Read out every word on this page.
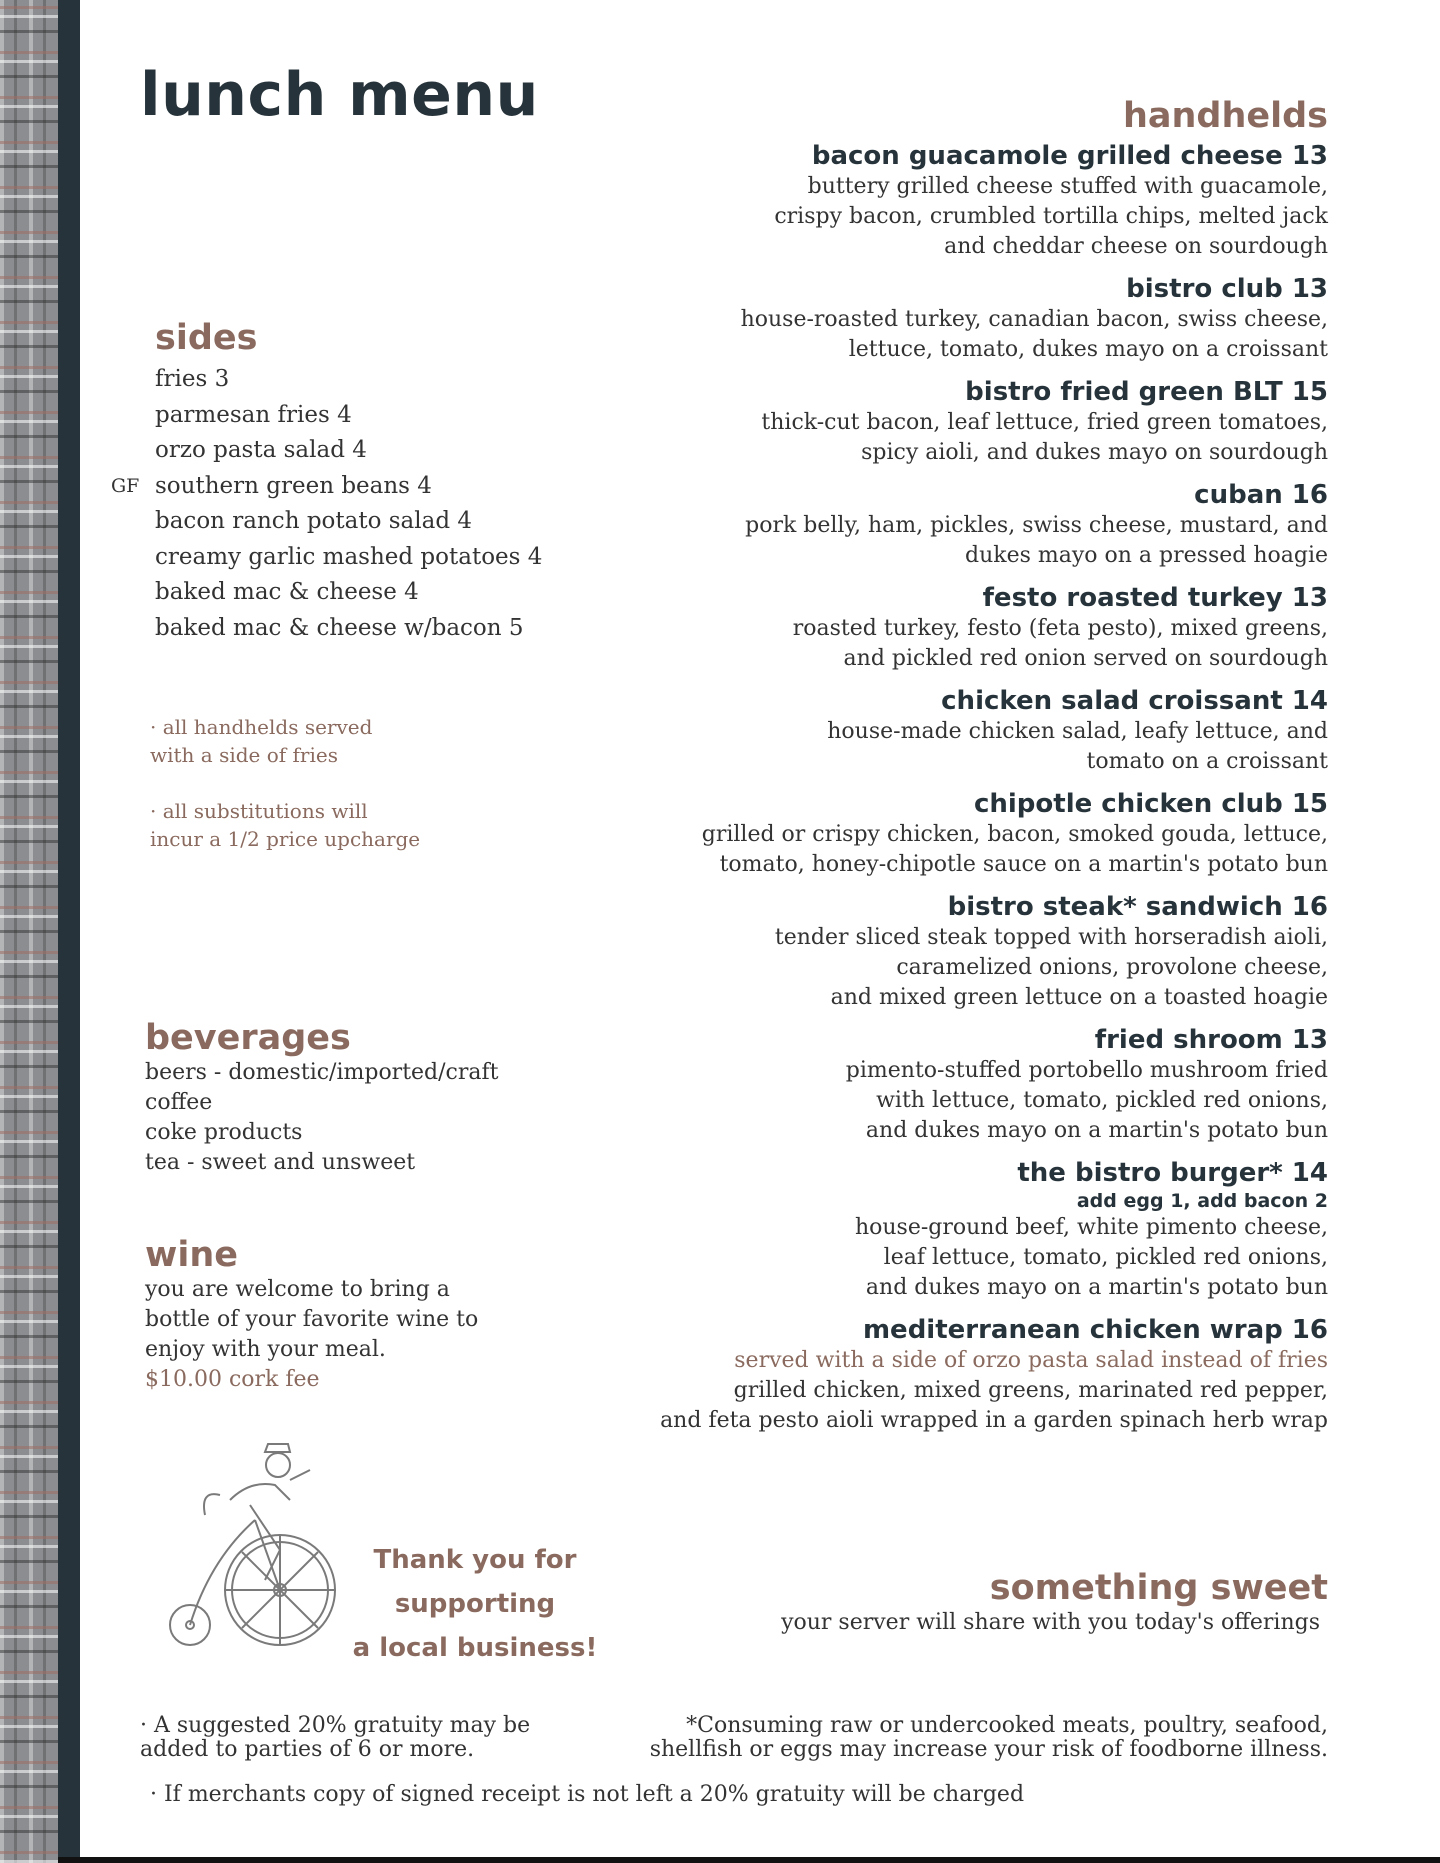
lunch menu
GF
sides
fries 3
parmesan fries 4
orzo pasta salad 4
southern green beans 4
bacon ranch potato salad 4
creamy garlic mashed potatoes 4
baked mac & cheese 4
baked mac & cheese w/bacon 5

· all handhelds served
with a side of fries

· all substitutions will
incur a 1/2 price upcharge

beverages
beers - domestic/imported/craft
coffee
coke products
tea - sweet and unsweet
wine
you are welcome to bring a
bottle of your favorite wine to
enjoy with your meal.
$10.00 cork fee
Thank you for
supporting
a local business!
handhelds
bacon guacamole grilled cheese 13
buttery grilled cheese stuffed with guacamole,
crispy bacon, crumbled tortilla chips, melted jack
and cheddar cheese on sourdough
bistro club 13
house-roasted turkey, canadian bacon, swiss cheese,
lettuce, tomato, dukes mayo on a croissant
bistro fried green BLT 15
thick-cut bacon, leaf lettuce, fried green tomatoes,
spicy aioli, and dukes mayo on sourdough
cuban 16
pork belly, ham, pickles, swiss cheese, mustard, and
dukes mayo on a pressed hoagie
festo roasted turkey 13
roasted turkey, festo (feta pesto), mixed greens,
and pickled red onion served on sourdough
chicken salad croissant 14
house-made chicken salad, leafy lettuce, and
tomato on a croissant
chipotle chicken club 15
grilled or crispy chicken, bacon, smoked gouda, lettuce,
tomato, honey-chipotle sauce on a martin's potato bun
bistro steak* sandwich 16
tender sliced steak topped with horseradish aioli,
caramelized onions, provolone cheese,
and mixed green lettuce on a toasted hoagie
fried shroom 13
pimento-stuffed portobello mushroom fried
with lettuce, tomato, pickled red onions,
and dukes mayo on a martin's potato bun
the bistro burger* 14
add egg 1, add bacon 2
house-ground beef, white pimento cheese,
leaf lettuce, tomato, pickled red onions,
and dukes mayo on a martin's potato bun
mediterranean chicken wrap 16
served with a side of orzo pasta salad instead of fries
grilled chicken, mixed greens, marinated red pepper,
and feta pesto aioli wrapped in a garden spinach herb wrap
something sweet
your server will share with you today's offerings
· A suggested 20% gratuity may be
added to parties of 6 or more.
*Consuming raw or undercooked meats, poultry, seafood,
shellfish or eggs may increase your risk of foodborne illness.
· If merchants copy of signed receipt is not left a 20% gratuity will be charged
